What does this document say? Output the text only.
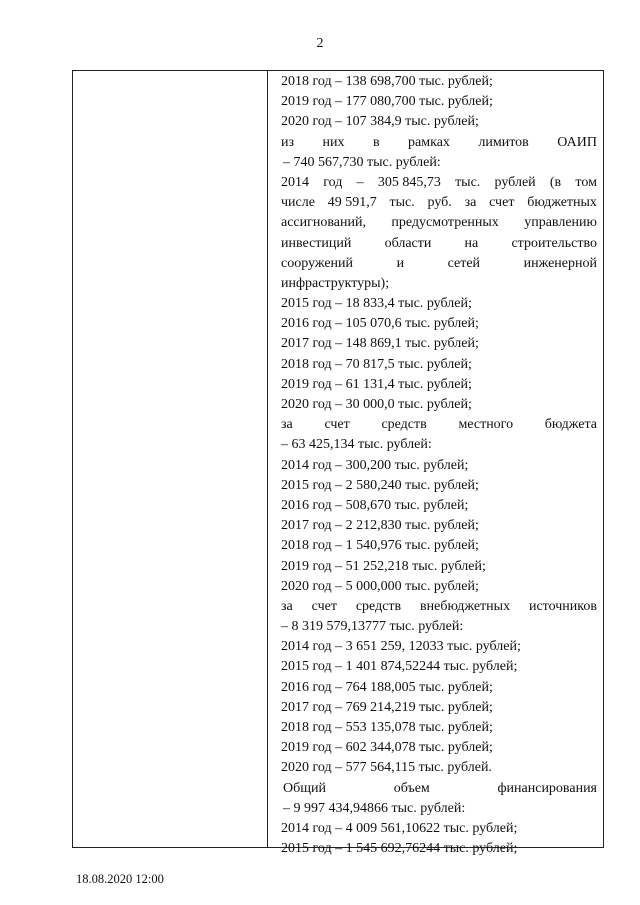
2
2018 год – 138 698,700 тыс. рублей;
2019 год – 177 080,700 тыс. рублей;
2020 год – 107 384,9 тыс. рублей;
из них в рамках лимитов ОАИП
– 740 567,730 тыс. рублей:
2014 год – 305 845,73 тыс. рублей (в том
числе 49 591,7 тыс. руб. за счет бюджетных
ассигнований, предусмотренных управлению
инвестиций области на строительство
сооружений	и	сетей	инженерной
инфраструктуры);
2015 год – 18 833,4 тыс. рублей;
2016 год – 105 070,6 тыс. рублей;
2017 год – 148 869,1 тыс. рублей;
2018 год – 70 817,5 тыс. рублей;
2019 год – 61 131,4 тыс. рублей;
2020 год – 30 000,0 тыс. рублей;
за счет средств местного бюджета
– 63 425,134 тыс. рублей:
2014 год – 300,200 тыс. рублей;
2015 год – 2 580,240 тыс. рублей;
2016 год – 508,670 тыс. рублей;
2017 год – 2 212,830 тыс. рублей;
2018 год – 1 540,976 тыс. рублей;
2019 год – 51 252,218 тыс. рублей;
2020 год – 5 000,000 тыс. рублей;
за счет средств внебюджетных источников
– 8 319 579,13777 тыс. рублей:
2014 год – 3 651 259, 12033 тыс. рублей;
2015 год – 1 401 874,52244 тыс. рублей;
2016 год – 764 188,005 тыс. рублей;
2017 год – 769 214,219 тыс. рублей;
2018 год – 553 135,078 тыс. рублей;
2019 год – 602 344,078 тыс. рублей;
2020 год – 577 564,115 тыс. рублей.
Общий	объем	финансирования
– 9 997 434,94866 тыс. рублей:
2014 год – 4 009 561,10622 тыс. рублей;
2015 год – 1 545 692,76244 тыс. рублей;
18.08.2020 12:00
